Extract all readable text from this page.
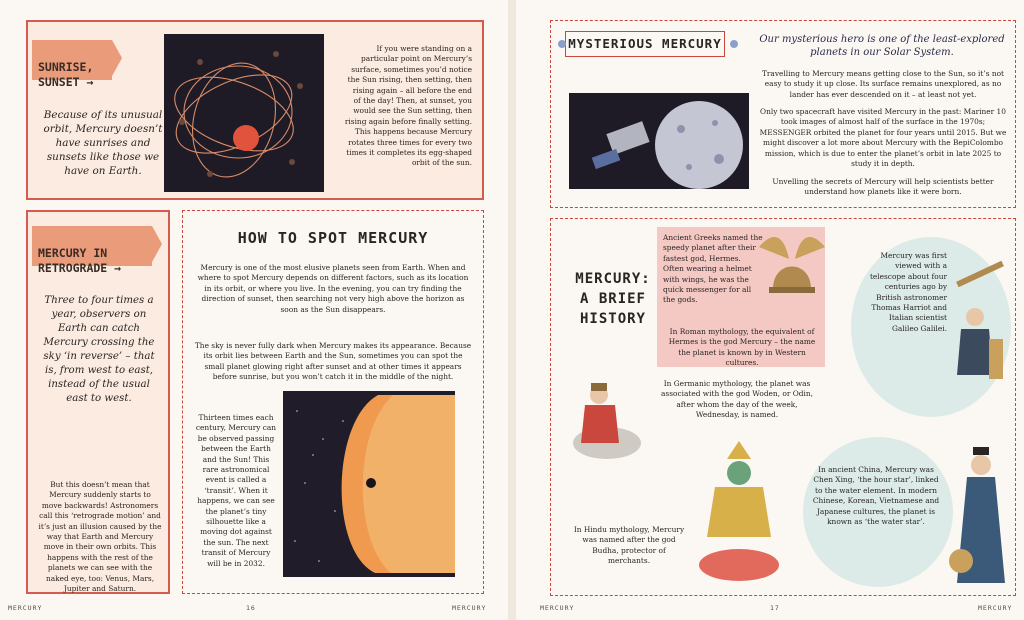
SUNRISE,
SUNSET →

Because of its unusual orbit, Mercury doesn’t have sunrises and sunsets like those we have on Earth.
If you were standing on a particular point on Mercury’s surface, sometimes you’d notice the Sun rising, then setting, then rising again – all before the end of the day! Then, at sunset, you would see the Sun setting, then rising again before finally setting. This happens because Mercury rotates three times for every two times it completes its egg-shaped orbit of the sun.

MERCURY IN
RETROGRADE →

Three to four times a year, observers on Earth can catch Mercury crossing the sky ‘in reverse’ – that is, from west to east, instead of the usual east to west.
But this doesn’t mean that Mercury suddenly starts to move backwards! Astronomers call this ‘retrograde motion’ and it’s just an illusion caused by the way that Earth and Mercury move in their own orbits. This happens with the rest of the planets we can see with the naked eye, too: Venus, Mars, Jupiter and Saturn.
HOW TO SPOT MERCURY
Mercury is one of the most elusive planets seen from Earth. When and where to spot Mercury depends on different factors, such as its location in its orbit, or where you live. In the evening, you can try finding the direction of sunset, then searching not very high above the horizon as soon as the Sun disappears.
The sky is never fully dark when Mercury makes its appearance. Because its orbit lies between Earth and the Sun, sometimes you can spot the small planet glowing right after sunset and at other times it appears before sunrise, but you won’t catch it in the middle of the night.
Thirteen times each century, Mercury can be observed passing between the Earth and the Sun! This rare astronomical event is called a ‘transit’. When it happens, we can see the planet’s tiny silhouette like a moving dot against the sun. The next transit of Mercury will be in 2032.
MERCURY	16	MERCURY
MYSTERIOUS MERCURY	Our mysterious hero is one of the least-explored planets in our Solar System.
Travelling to Mercury means getting close to the Sun, so it’s not easy to study it up close. Its surface remains unexplored, as no lander has ever descended on it – at least not yet.
Only two spacecraft have visited Mercury in the past: Mariner 10 took images of almost half of the surface in the 1970s; MESSENGER orbited the planet for four years until 2015. But we might discover a lot more about Mercury with the BepiColombo mission, which is due to enter the planet’s orbit in late 2025 to study it in depth.
Unvelling the secrets of Mercury will help scientists better understand how planets like it were born.

MERCURY:
A BRIEF
HISTORY

Ancient Greeks named the speedy planet after their fastest god, Hermes. Often wearing a helmet with wings, he was the quick messenger for all the gods.

In Roman mythology, the equivalent of Hermes is the god Mercury – the name the planet is known by in Western cultures.

Mercury was first viewed with a telescope about four centuries ago by British astronomer Thomas Harriot and Italian scientist Galileo Galilei.
In Germanic mythology, the planet was associated with the god Woden, or Odin, after whom the day of the week, Wednesday, is named.
In Hindu mythology, Mercury was named after the god Budha, protector of merchants.
In ancient China, Mercury was Chen Xing, ‘the hour star’, linked to the water element. In modern Chinese, Korean, Vietnamese and Japanese cultures, the planet is known as ‘the water star’.
MERCURY	17	MERCURY
